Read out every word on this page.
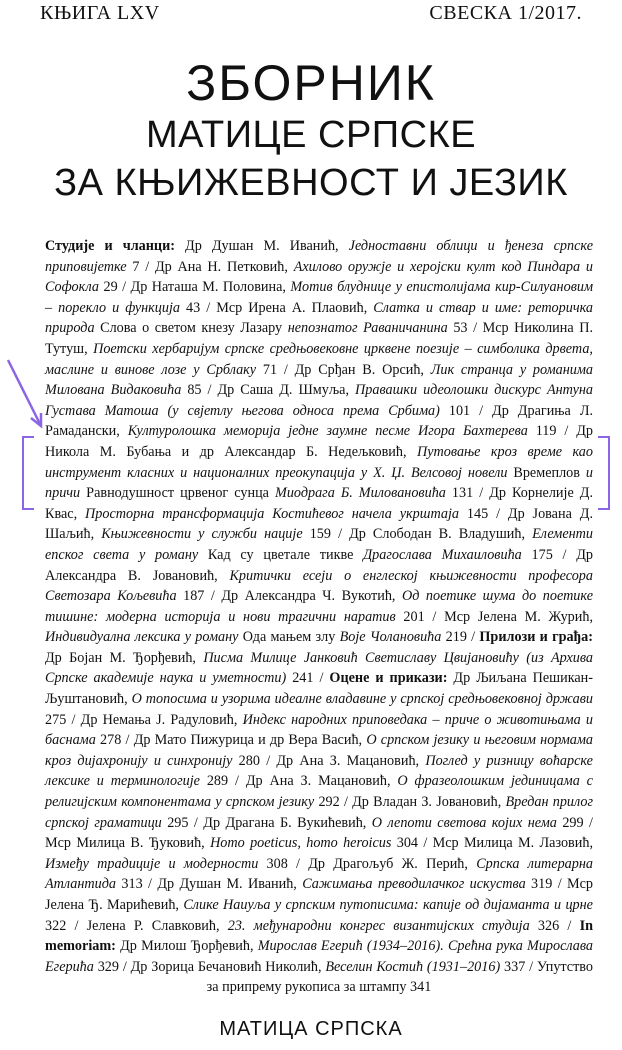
КЊИГА LXV	СВЕСКА 1/2017.
ЗБОРНИК
МАТИЦЕ СРПСКЕ
ЗА КЊИЖЕВНОСТ И ЈЕЗИК
Студије и чланци: Др Душан М. Иванић, Једноставни облици и ђенеза српске приповијетке 7 / Др Ана Н. Петковић, Ахилово оружје и херојски култ код Пиндара и Софокла 29 / Др Наташа М. Половина, Мотив блуднице у епистолијама кир-Силуановим – порекло и функција 43 / Мср Ирена А. Плаовић, Слатка и ствар и име: реторичка природа Слова о светом кнезу Лазару непознатог Раваничанина 53 / Мср Николина П. Тутуш, Поетски хербаријум српске средњовековне црквене поезије – симболика дрвета, маслине и винове лозе у Срблаку 71 / Др Срђан В. Орсић, Лик странца у романима Милована Видаковића 85 / Др Саша Д. Шмуља, Правашки идеолошки дискурс Антуна Густава Матоша (у свјетлу његова односа према Србима) 101 / Др Драгиња Л. Рамадански, Културолошка меморија једне заумне песме Игора Бахтерева 119 / Др Никола М. Бубања и др Александар Б. Недељковић, Путовање кроз време као инструмент класних и националних преокупација у Х. Џ. Велсовој новели Времеплов и причи Равнодушност црвеног сунца Миодрага Б. Миловановића 131 / Др Корнелије Д. Квас, Просторна трансформација Костићевог начела укрштаја 145 / Др Јована Д. Шаљић, Књижевности у служби нације 159 / Др Слободан В. Владушић, Елементи епског света у роману Кад су цветале тикве Драгослава Михаиловића 175 / Др Александра В. Јовановић, Критички есеји о енглеској књижевности професора Светозара Кољевића 187 / Др Александра Ч. Вукотић, Од поетике шума до поетике тишине: модерна историја и нови трагични наратив 201 / Мср Јелена М. Журић, Индивидуална лексика у роману Ода мањем злу Воје Чолановића 219 / Прилози и грађа: Др Бојан М. Ђорђевић, Писма Милице Јанковић Светиславу Цвијановићу (из Архива Српске академије наука и уметности) 241 / Оцене и прикази: Др Љиљана Пешикан-Љуштановић, О топосима и узорима идеалне владавине у српској средњовековној држави 275 / Др Немања Ј. Радуловић, Индекс народних приповедака – приче о животињама и баснама 278 / Др Мато Пижурица и др Вера Васић, О српском језику и његовим нормама кроз дијахронију и синхронију 280 / Др Ана З. Мацановић, Поглед у ризницу воћарске лексике и терминологије 289 / Др Ана З. Мацановић, О фразеолошким јединицама с религијским компонентама у српском језику 292 / Др Владан З. Јовановић, Вредан прилог српској граматици 295 / Др Драгана Б. Вукићевић, О лепоти светова којих нема 299 / Мср Милица В. Ђуковић, Homo poeticus, homo heroicus 304 / Мср Милица М. Лазовић, Између традиције и модерности 308 / Др Драгољуб Ж. Перић, Српска литерарна Атлантида 313 / Др Душан М. Иванић, Сажимања преводилачког искуства 319 / Мср Јелена Ђ. Марићевић, Слике Наиуља у српским путописима: капије од дијаманта и црне 322 / Јелена Р. Славковић, 23. међународни конгрес византијских студија 326 / In memoriam: Др Милош Ђорђевић, Мирослав Егерић (1934–2016). Срећна рука Мирослава Егерића 329 / Др Зорица Бечановић Николић, Веселин Костић (1931–2016) 337 / Упутство за припрему рукописа за штампу 341
МАТИЦА СРПСКА
